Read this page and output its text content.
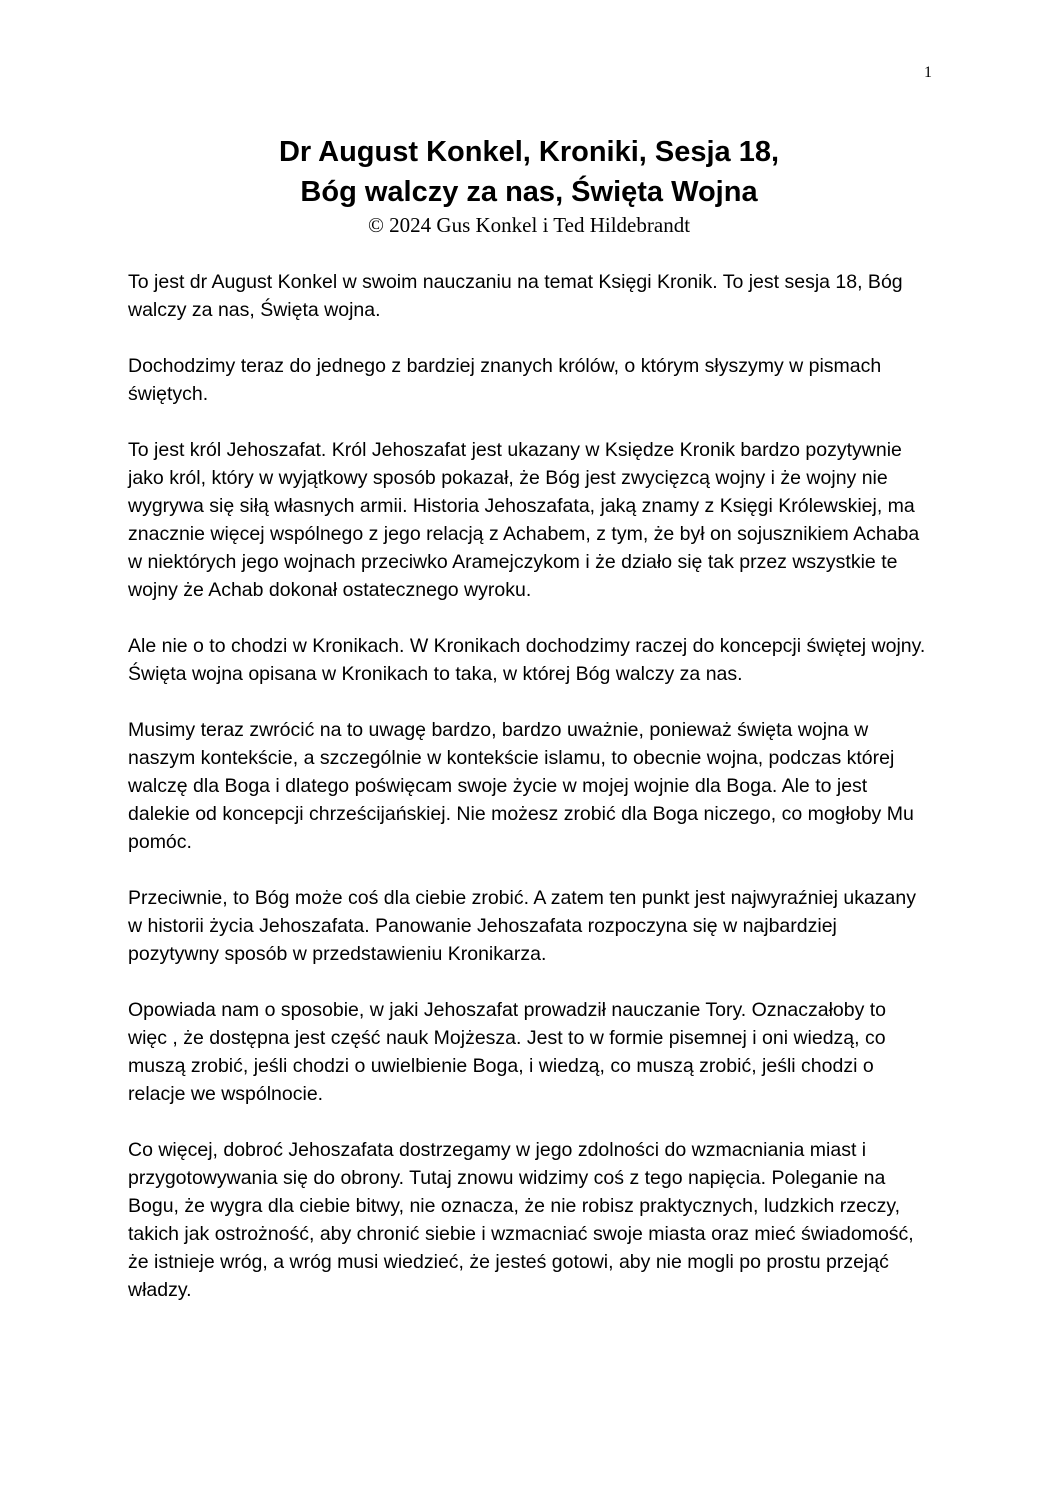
1
Dr August Konkel, Kroniki, Sesja 18,
Bóg walczy za nas, Święta Wojna

© 2024 Gus Konkel i Ted Hildebrandt

To jest dr August Konkel w swoim nauczaniu na temat Księgi Kronik. To jest sesja 18, Bóg walczy za nas, Święta wojna.

Dochodzimy teraz do jednego z bardziej znanych królów, o którym słyszymy w pismach świętych.

To jest król Jehoszafat. Król Jehoszafat jest ukazany w Księdze Kronik bardzo pozytywnie jako król, który w wyjątkowy sposób pokazał, że Bóg jest zwycięzcą wojny i że wojny nie wygrywa się siłą własnych armii. Historia Jehoszafata, jaką znamy z Księgi Królewskiej, ma znacznie więcej wspólnego z jego relacją z Achabem, z tym, że był on sojusznikiem Achaba w niektórych jego wojnach przeciwko Aramejczykom i że działo się tak przez wszystkie te wojny że Achab dokonał ostatecznego wyroku.

Ale nie o to chodzi w Kronikach. W Kronikach dochodzimy raczej do koncepcji świętej wojny. Święta wojna opisana w Kronikach to taka, w której Bóg walczy za nas.

Musimy teraz zwrócić na to uwagę bardzo, bardzo uważnie, ponieważ święta wojna w naszym kontekście, a szczególnie w kontekście islamu, to obecnie wojna, podczas której walczę dla Boga i dlatego poświęcam swoje życie w mojej wojnie dla Boga. Ale to jest dalekie od koncepcji chrześcijańskiej. Nie możesz zrobić dla Boga niczego, co mogłoby Mu pomóc.

Przeciwnie, to Bóg może coś dla ciebie zrobić. A zatem ten punkt jest najwyraźniej ukazany w historii życia Jehoszafata. Panowanie Jehoszafata rozpoczyna się w najbardziej pozytywny sposób w przedstawieniu Kronikarza.

Opowiada nam o sposobie, w jaki Jehoszafat prowadził nauczanie Tory. Oznaczałoby to więc , że dostępna jest część nauk Mojżesza. Jest to w formie pisemnej i oni wiedzą, co muszą zrobić, jeśli chodzi o uwielbienie Boga, i wiedzą, co muszą zrobić, jeśli chodzi o relacje we wspólnocie.

Co więcej, dobroć Jehoszafata dostrzegamy w jego zdolności do wzmacniania miast i przygotowywania się do obrony. Tutaj znowu widzimy coś z tego napięcia. Poleganie na Bogu, że wygra dla ciebie bitwy, nie oznacza, że nie robisz praktycznych, ludzkich rzeczy, takich jak ostrożność, aby chronić siebie i wzmacniać swoje miasta oraz mieć świadomość, że istnieje wróg, a wróg musi wiedzieć, że jesteś gotowi, aby nie mogli po prostu przejąć władzy.
